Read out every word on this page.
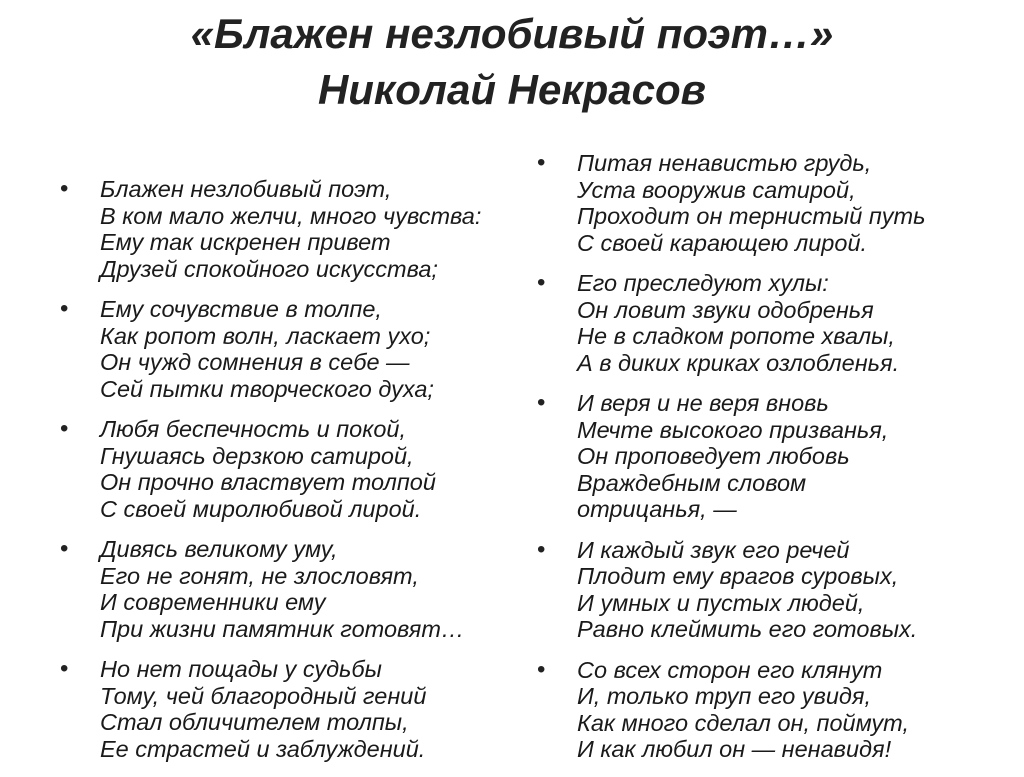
«Блажен незлобивый поэт…»
Николай Некрасов
• Блажен незлобивый поэт,
В ком мало желчи, много чувства:
Ему так искренен привет
Друзей спокойного искусства;
• Ему сочувствие в толпе,
Как ропот волн, ласкает ухо;
Он чужд сомнения в себе —
Сей пытки творческого духа;
• Любя беспечность и покой,
Гнушаясь дерзкою сатирой,
Он прочно властвует толпой
С своей миролюбивой лирой.
• Дивясь великому уму,
Его не гонят, не злословят,
И современники ему
При жизни памятник готовят…
• Но нет пощады у судьбы
Тому, чей благородный гений
Стал обличителем толпы,
Ее страстей и заблуждений.
• Питая ненавистью грудь,
Уста вооружив сатирой,
Проходит он тернистый путь
С своей карающею лирой.
• Его преследуют хулы:
Он ловит звуки одобренья
Не в сладком ропоте хвалы,
А в диких криках озлобленья.
• И веря и не веря вновь
Мечте высокого призванья,
Он проповедует любовь
Враждебным словом
отрицанья, —
• И каждый звук его речей
Плодит ему врагов суровых,
И умных и пустых людей,
Равно клеймить его готовых.
• Со всех сторон его клянут
И, только труп его увидя,
Как много сделал он, поймут,
И как любил он — ненавидя!
